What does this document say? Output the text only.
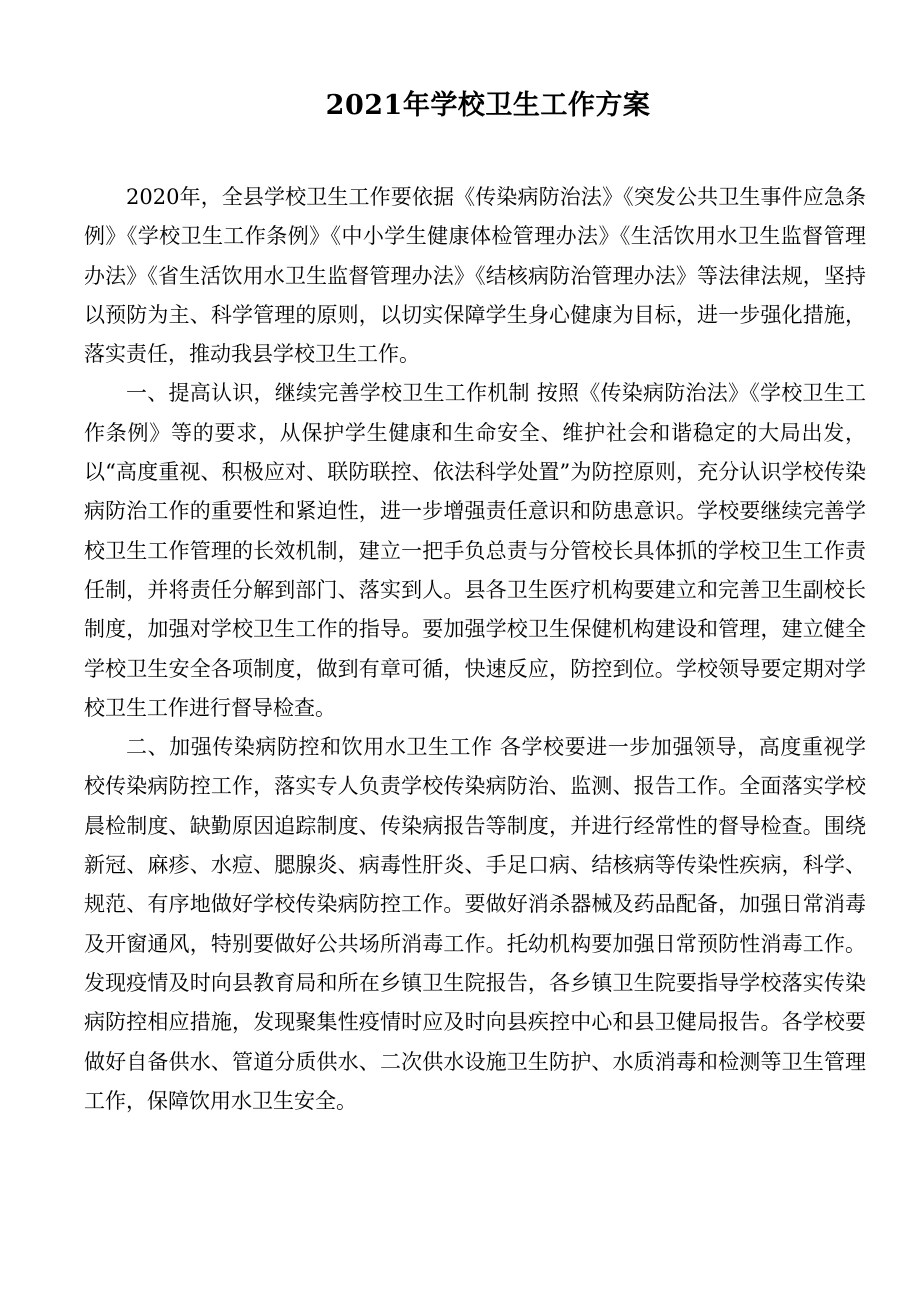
2021年学校卫生工作方案

2020年，全县学校卫生工作要依据《传染病防治法》《突发公共卫生事件应急条例》《学校卫生工作条例》《中小学生健康体检管理办法》《生活饮用水卫生监督管理办法》《省生活饮用水卫生监督管理办法》《结核病防治管理办法》等法律法规，坚持以预防为主、科学管理的原则，以切实保障学生身心健康为目标，进一步强化措施，落实责任，推动我县学校卫生工作。

一、提高认识，继续完善学校卫生工作机制 按照《传染病防治法》《学校卫生工作条例》等的要求，从保护学生健康和生命安全、维护社会和谐稳定的大局出发，以“高度重视、积极应对、联防联控、依法科学处置”为防控原则，充分认识学校传染病防治工作的重要性和紧迫性，进一步增强责任意识和防患意识。学校要继续完善学校卫生工作管理的长效机制，建立一把手负总责与分管校长具体抓的学校卫生工作责任制，并将责任分解到部门、落实到人。县各卫生医疗机构要建立和完善卫生副校长制度，加强对学校卫生工作的指导。要加强学校卫生保健机构建设和管理，建立健全学校卫生安全各项制度，做到有章可循，快速反应，防控到位。学校领导要定期对学校卫生工作进行督导检查。

二、加强传染病防控和饮用水卫生工作 各学校要进一步加强领导，高度重视学校传染病防控工作，落实专人负责学校传染病防治、监测、报告工作。全面落实学校晨检制度、缺勤原因追踪制度、传染病报告等制度，并进行经常性的督导检查。围绕新冠、麻疹、水痘、腮腺炎、病毒性肝炎、手足口病、结核病等传染性疾病，科学、规范、有序地做好学校传染病防控工作。要做好消杀器械及药品配备，加强日常消毒及开窗通风，特别要做好公共场所消毒工作。托幼机构要加强日常预防性消毒工作。发现疫情及时向县教育局和所在乡镇卫生院报告，各乡镇卫生院要指导学校落实传染病防控相应措施，发现聚集性疫情时应及时向县疾控中心和县卫健局报告。各学校要做好自备供水、管道分质供水、二次供水设施卫生防护、水质消毒和检测等卫生管理工作，保障饮用水卫生安全。
